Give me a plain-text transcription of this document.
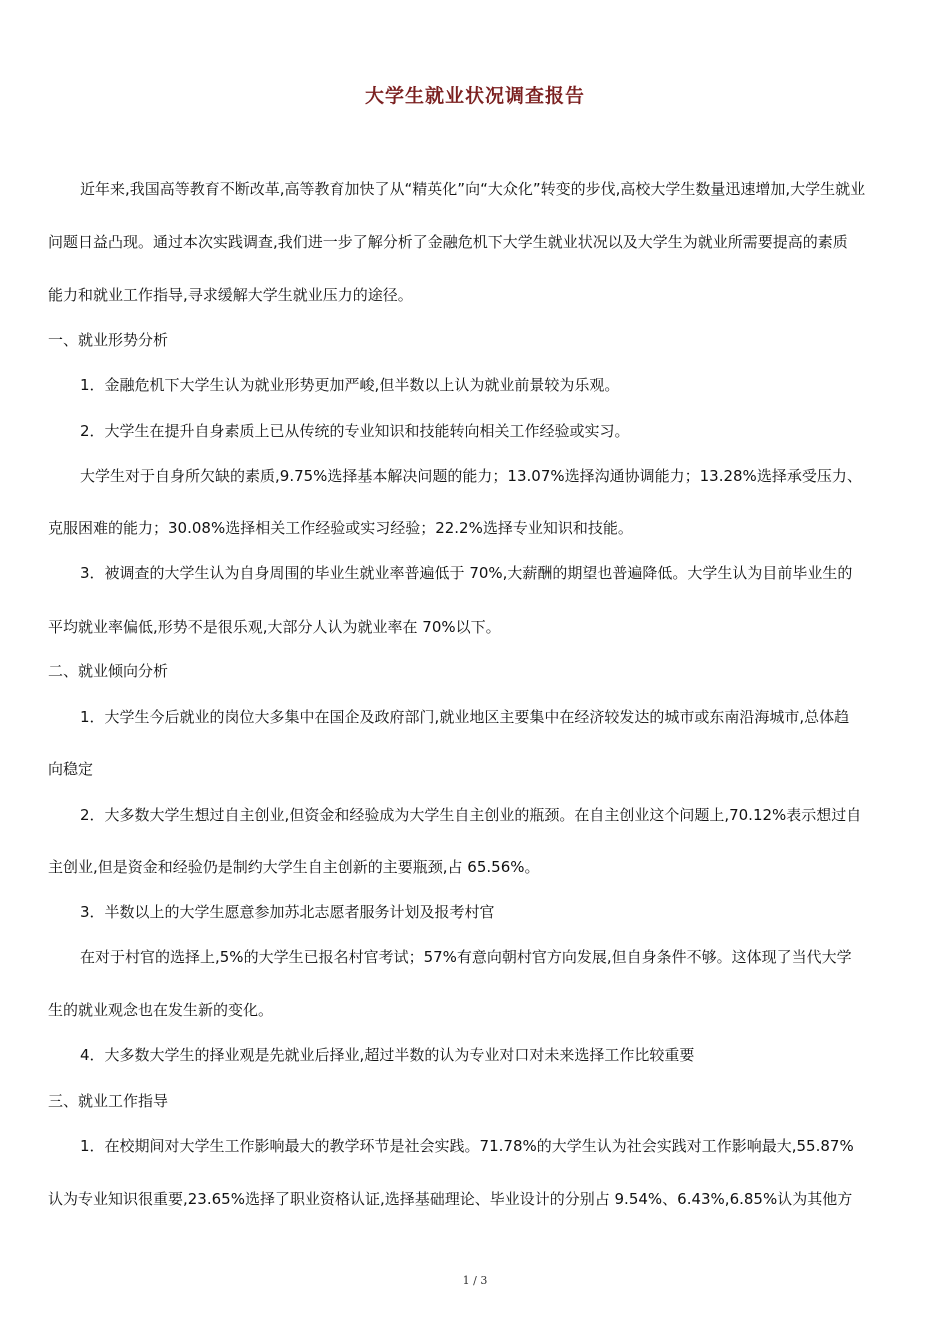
大学生就业状况调查报告
近年来,我国高等教育不断改革,高等教育加快了从“精英化”向“大众化”转变的步伐,高校大学生数量迅速增加,大学生就业
问题日益凸现。通过本次实践调查,我们进一步了解分析了金融危机下大学生就业状况以及大学生为就业所需要提高的素质
能力和就业工作指导,寻求缓解大学生就业压力的途径。
一、就业形势分析
1．金融危机下大学生认为就业形势更加严峻,但半数以上认为就业前景较为乐观。
2．大学生在提升自身素质上已从传统的专业知识和技能转向相关工作经验或实习。
大学生对于自身所欠缺的素质,9.75%选择基本解决问题的能力；13.07%选择沟通协调能力；13.28%选择承受压力、
克服困难的能力；30.08%选择相关工作经验或实习经验；22.2%选择专业知识和技能。
3．被调查的大学生认为自身周围的毕业生就业率普遍低于 70%,大薪酬的期望也普遍降低。大学生认为目前毕业生的
平均就业率偏低,形势不是很乐观,大部分人认为就业率在 70%以下。
二、就业倾向分析
1．大学生今后就业的岗位大多集中在国企及政府部门,就业地区主要集中在经济较发达的城市或东南沿海城市,总体趋
向稳定
2．大多数大学生想过自主创业,但资金和经验成为大学生自主创业的瓶颈。在自主创业这个问题上,70.12%表示想过自
主创业,但是资金和经验仍是制约大学生自主创新的主要瓶颈,占 65.56%。
3．半数以上的大学生愿意参加苏北志愿者服务计划及报考村官
在对于村官的选择上,5%的大学生已报名村官考试；57%有意向朝村官方向发展,但自身条件不够。这体现了当代大学
生的就业观念也在发生新的变化。
4．大多数大学生的择业观是先就业后择业,超过半数的认为专业对口对未来选择工作比较重要
三、就业工作指导
1．在校期间对大学生工作影响最大的教学环节是社会实践。71.78%的大学生认为社会实践对工作影响最大,55.87%
认为专业知识很重要,23.65%选择了职业资格认证,选择基础理论、毕业设计的分别占 9.54%、6.43%,6.85%认为其他方
1 / 3
